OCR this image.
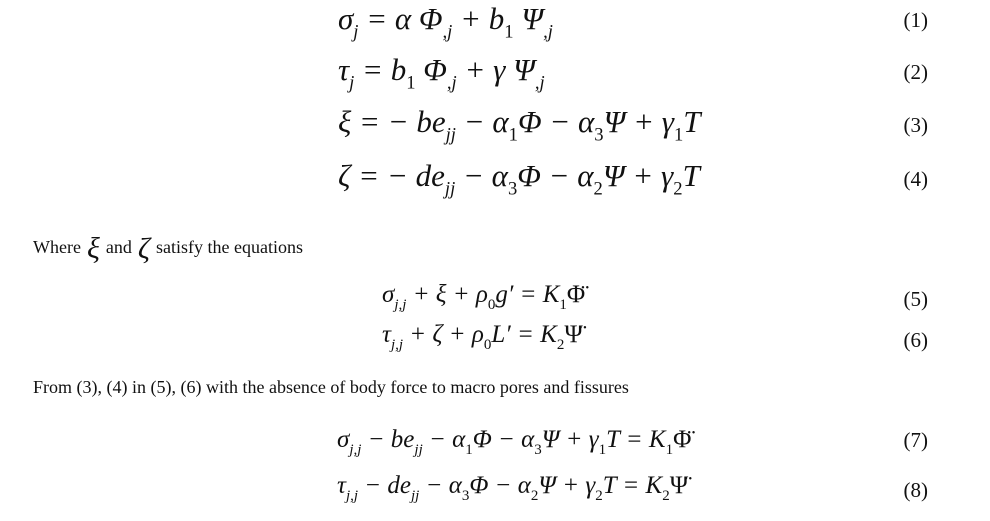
$\sigma_j = \alpha$ $\Phi_{,j} + b_1$ $\Psi_{,j}$	(1)
$\tau_j = b_1$ $\Phi_{,j} + \gamma$ $\Psi_{,j}$	(2)
ξ = − $be_{jj} - \alpha_1\Phi - \alpha_3\Psi + \gamma_1T$	(3)
ζ = − $de_{jj} - \alpha_3\Phi - \alpha_2\Psi + \gamma_2T$	(4)
Where ξ and ζ satisfy the equations
$\sigma_{j,j} + \xi + \rho_0g'$ = $K_1\Phï$	(5)
$\tau_{j,j} + \zeta + \rho_0L'$ = $K_2\Psï$	(6)
From (3), (4) in (5), (6) with the absence of body force to macro pores and fissures
$\sigma_{j,j} - be_{jj} - \alpha_1\Phi - \alpha_3\Psi + \gamma_1T$ = $K_1\Phï$	(7)
$\tau_{j,j} - de_{jj} - \alpha_3\Phi - \alpha_2\Psi + \gamma_2T$ = $K_2\Psï$	(8)
